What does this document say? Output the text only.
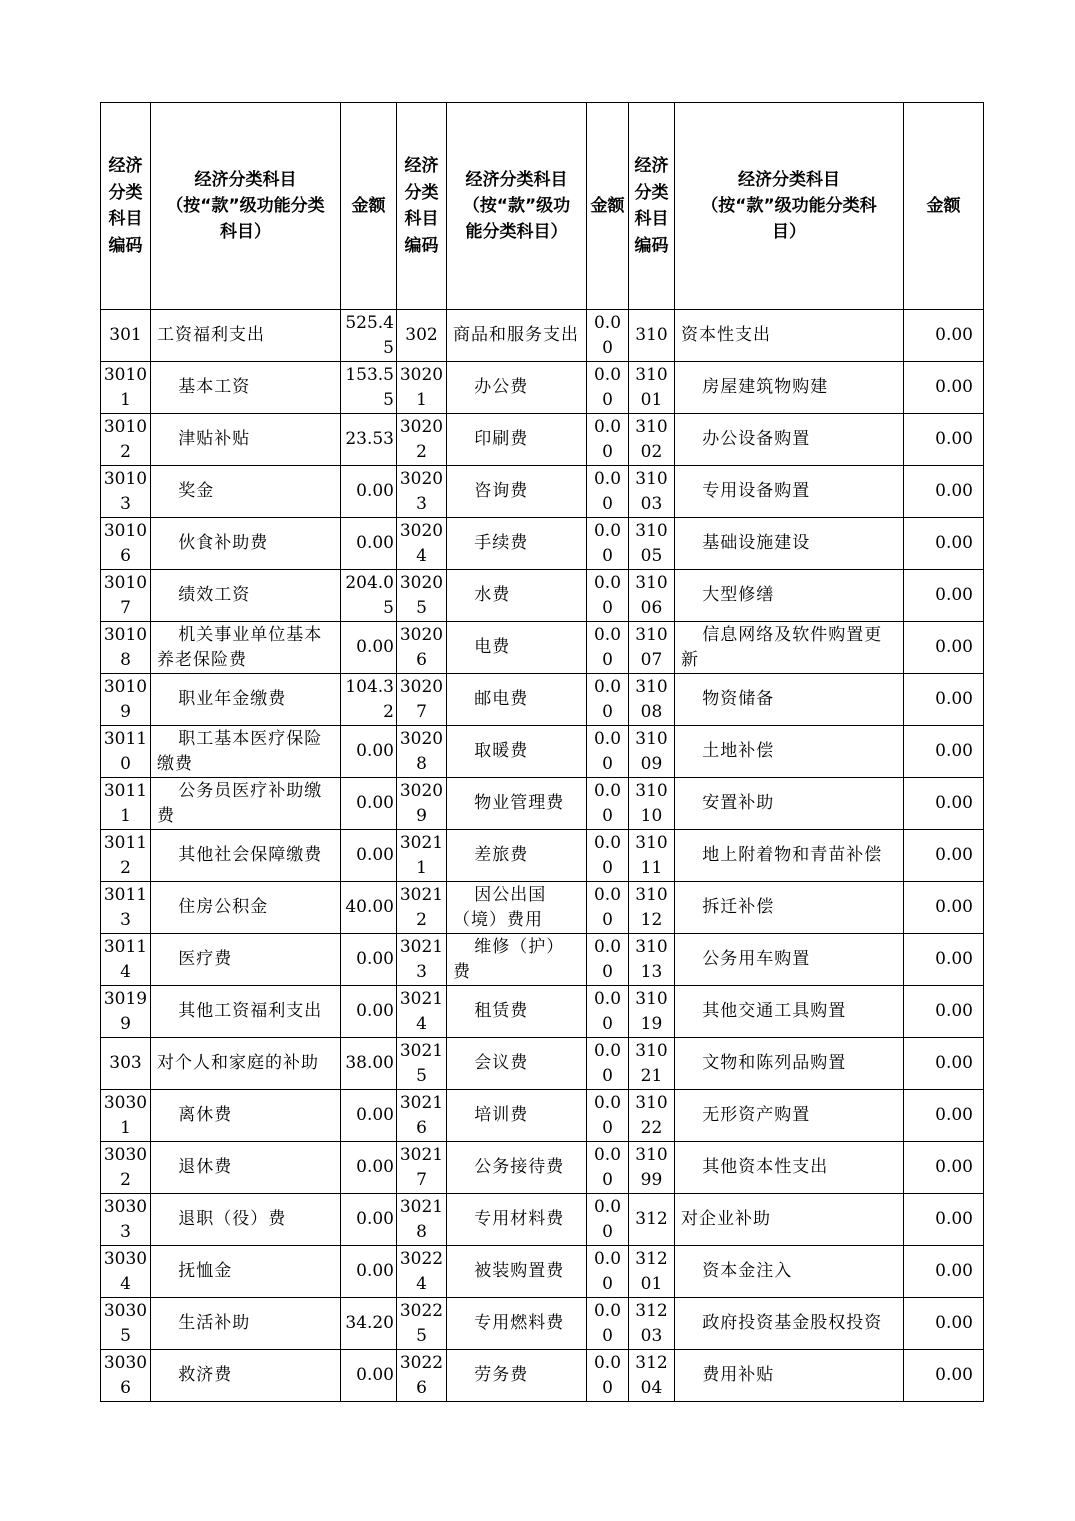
经济分类科目编码	经济分类科目（按“款”级功能分类科目）	金额	经济分类科目编码	经济分类科目（按“款”级功能分类科目）	金额	经济分类科目编码	经济分类科目（按“款”级功能分类科目）	金额
301	工资福利支出	525.45	302	商品和服务支出	0.00	310	资本性支出	0.00
30101	基本工资	153.55	30201	办公费	0.00	31001	房屋建筑物购建	0.00
30102	津贴补贴	23.53	30202	印刷费	0.00	31002	办公设备购置	0.00
30103	奖金	0.00	30203	咨询费	0.00	31003	专用设备购置	0.00
30106	伙食补助费	0.00	30204	手续费	0.00	31005	基础设施建设	0.00
30107	绩效工资	204.05	30205	水费	0.00	31006	大型修缮	0.00
30108	机关事业单位基本养老保险费	0.00	30206	电费	0.00	31007	信息网络及软件购置更新	0.00
30109	职业年金缴费	104.32	30207	邮电费	0.00	31008	物资储备	0.00
30110	职工基本医疗保险缴费	0.00	30208	取暖费	0.00	31009	土地补偿	0.00
30111	公务员医疗补助缴费	0.00	30209	物业管理费	0.00	31010	安置补助	0.00
30112	其他社会保障缴费	0.00	30211	差旅费	0.00	31011	地上附着物和青苗补偿	0.00
30113	住房公积金	40.00	30212	因公出国（境）费用	0.00	31012	拆迁补偿	0.00
30114	医疗费	0.00	30213	维修（护）费	0.00	31013	公务用车购置	0.00
30199	其他工资福利支出	0.00	30214	租赁费	0.00	31019	其他交通工具购置	0.00
303	对个人和家庭的补助	38.00	30215	会议费	0.00	31021	文物和陈列品购置	0.00
30301	离休费	0.00	30216	培训费	0.00	31022	无形资产购置	0.00
30302	退休费	0.00	30217	公务接待费	0.00	31099	其他资本性支出	0.00
30303	退职（役）费	0.00	30218	专用材料费	0.00	312	对企业补助	0.00
30304	抚恤金	0.00	30224	被装购置费	0.00	31201	资本金注入	0.00
30305	生活补助	34.20	30225	专用燃料费	0.00	31203	政府投资基金股权投资	0.00
30306	救济费	0.00	30226	劳务费	0.00	31204	费用补贴	0.00
